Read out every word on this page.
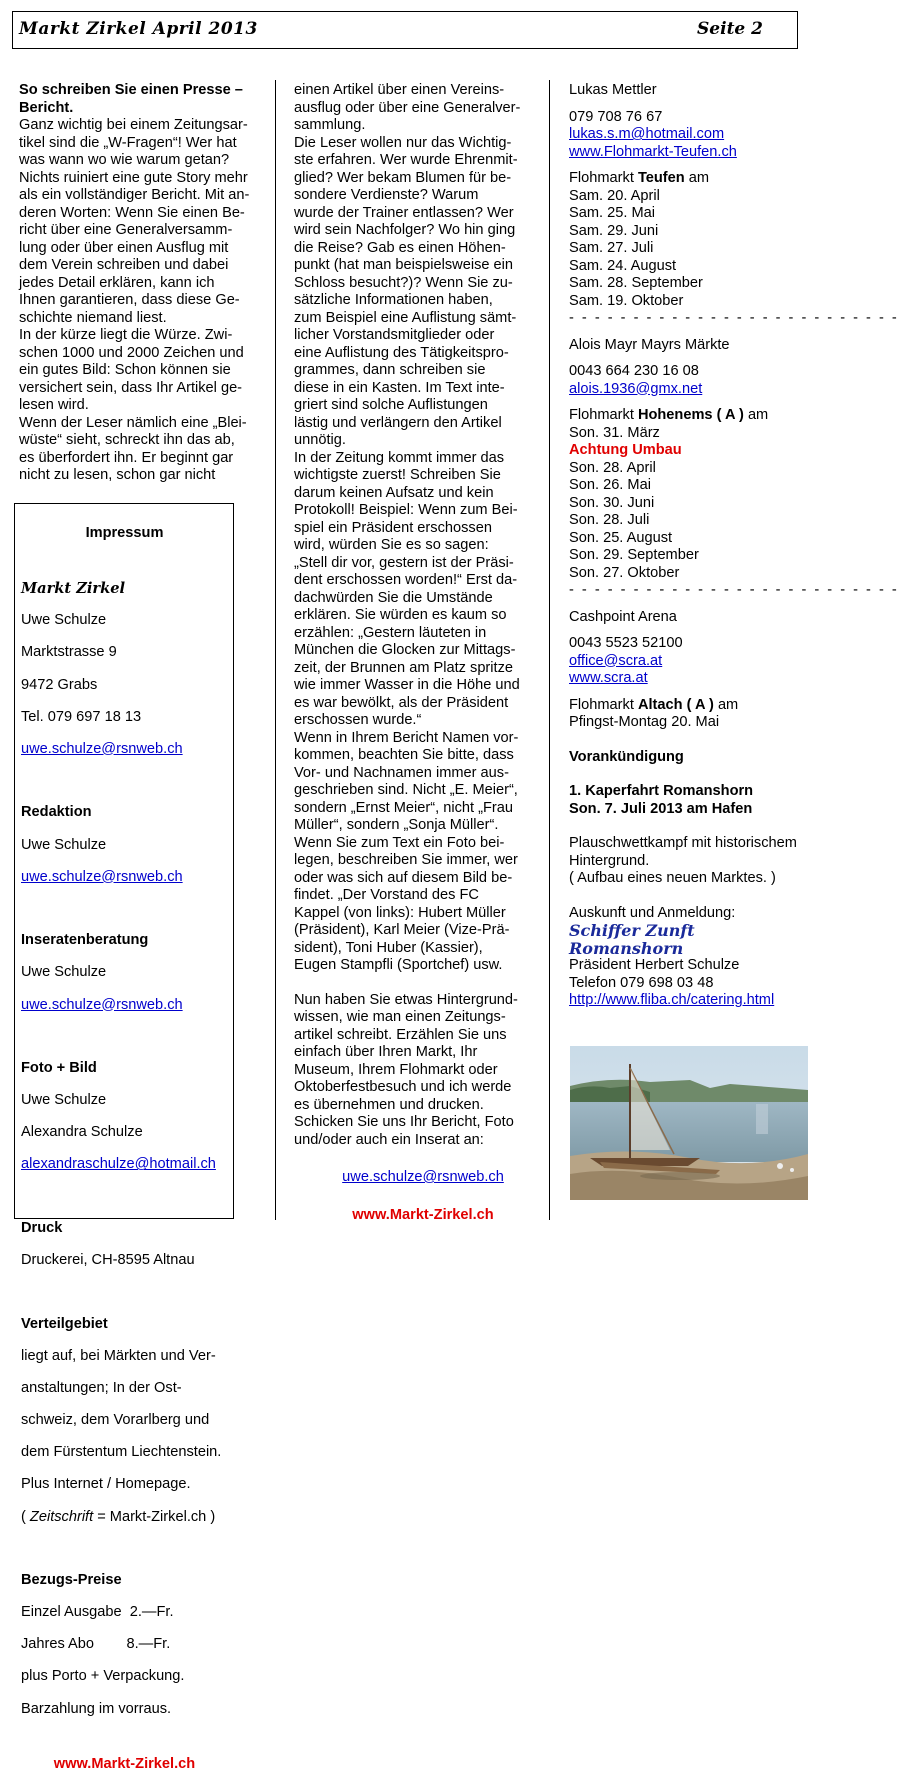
Markt Zirkel April 2013	Seite 2

So schreiben Sie einen Presse – Bericht.

Ganz wichtig bei einem Zeitungsar-

tikel sind die „W-Fragen“! Wer hat

was wann wo wie warum getan?

Nichts ruiniert eine gute Story mehr

als ein vollständiger Bericht. Mit an-

deren Worten: Wenn Sie einen Be-

richt über eine Generalversamm-

lung oder über einen Ausflug mit

dem Verein schreiben und dabei

jedes Detail erklären, kann ich

Ihnen garantieren, dass diese Ge-

schichte niemand liest.

In der kürze liegt die Würze. Zwi-

schen 1000 und 2000 Zeichen und

ein gutes Bild: Schon können sie

versichert sein, dass Ihr Artikel ge-

lesen wird.

Wenn der Leser nämlich eine „Blei-

wüste“ sieht, schreckt ihn das ab,

es überfordert ihn. Er beginnt gar

nicht zu lesen, schon gar nicht

Impressum

Markt Zirkel

Uwe Schulze

Marktstrasse 9

9472 Grabs

Tel. 079 697 18 13

uwe.schulze@rsnweb.ch

Redaktion

Uwe Schulze

uwe.schulze@rsnweb.ch

Inseratenberatung

Uwe Schulze

uwe.schulze@rsnweb.ch

Foto + Bild

Uwe Schulze

Alexandra Schulze

alexandraschulze@hotmail.ch

Druck

Druckerei, CH-8595 Altnau

Verteilgebiet

liegt auf, bei Märkten und Ver-

anstaltungen; In der Ost-

schweiz, dem Vorarlberg und

dem Fürstentum Liechtenstein.

Plus Internet / Homepage.

( Zeitschrift = Markt-Zirkel.ch )

Bezugs-Preise

Einzel Ausgabe  2.—Fr.

Jahres Abo        8.—Fr.

plus Porto + Verpackung.

Barzahlung im vorraus.

www.Markt-Zirkel.ch

einen Artikel über einen Vereins-

ausflug oder über eine Generalver-

sammlung.

Die Leser wollen nur das Wichtig-

ste erfahren. Wer wurde Ehrenmit-

glied? Wer bekam Blumen für be-

sondere Verdienste? Warum

wurde der Trainer entlassen? Wer

wird sein Nachfolger? Wo hin ging

die Reise? Gab es einen Höhen-

punkt (hat man beispielsweise ein

Schloss besucht?)? Wenn Sie zu-

sätzliche Informationen haben,

zum Beispiel eine Auflistung sämt-

licher Vorstandsmitglieder oder

eine Auflistung des Tätigkeitspro-

grammes, dann schreiben sie

diese in ein Kasten. Im Text inte-

griert sind solche Auflistungen

lästig und verlängern den Artikel

unnötig.

In der Zeitung kommt immer das

wichtigste zuerst! Schreiben Sie

darum keinen Aufsatz und kein

Protokoll! Beispiel: Wenn zum Bei-

spiel ein Präsident erschossen

wird, würden Sie es so sagen:

„Stell dir vor, gestern ist der Präsi-

dent erschossen worden!“ Erst da-

dachwürden Sie die Umstände

erklären. Sie würden es kaum so

erzählen: „Gestern läuteten in

München die Glocken zur Mittags-

zeit, der Brunnen am Platz spritze

wie immer Wasser in die Höhe und

es war bewölkt, als der Präsident

erschossen wurde.“

Wenn in Ihrem Bericht Namen vor-

kommen, beachten Sie bitte, dass

Vor- und Nachnamen immer aus-

geschrieben sind. Nicht „E. Meier“,

sondern „Ernst Meier“, nicht „Frau

Müller“, sondern „Sonja Müller“.

Wenn Sie zum Text ein Foto bei-

legen, beschreiben Sie immer, wer

oder was sich auf diesem Bild be-

findet. „Der Vorstand des FC

Kappel (von links): Hubert Müller

(Präsident), Karl Meier (Vize-Prä-

sident), Toni Huber (Kassier),

Eugen Stampfli (Sportchef) usw.

Nun haben Sie etwas Hintergrund-

wissen, wie man einen Zeitungs-

artikel schreibt. Erzählen Sie uns

einfach über Ihren Markt, Ihr

Museum, Ihrem Flohmarkt oder

Oktoberfestbesuch und ich werde

es übernehmen und drucken.

Schicken Sie uns Ihr Bericht, Foto

und/oder auch ein Inserat an:

uwe.schulze@rsnweb.ch

www.Markt-Zirkel.ch

Lukas Mettler

079 708 76 67

lukas.s.m@hotmail.com

www.Flohmarkt-Teufen.ch

Flohmarkt Teufen am

Sam. 20. April

Sam. 25. Mai

Sam. 29. Juni

Sam. 27. Juli

Sam. 24. August

Sam. 28. September

Sam. 19. Oktober

- - - - - - - - - - - - - - - - - - - - - - - - - -

Alois Mayr Mayrs Märkte

0043 664 230 16 08

alois.1936@gmx.net

Flohmarkt Hohenems ( A ) am

Son. 31. März

Achtung Umbau

Son. 28. April

Son. 26. Mai

Son. 30. Juni

Son. 28. Juli

Son. 25. August

Son. 29. September

Son. 27. Oktober

- - - - - - - - - - - - - - - - - - - - - - - - - -

Cashpoint Arena

0043 5523 52100

office@scra.at

www.scra.at

Flohmarkt Altach ( A ) am

Pfingst-Montag 20. Mai

Vorankündigung

1. Kaperfahrt Romanshorn

Son. 7. Juli 2013 am Hafen

Plauschwettkampf mit historischem

Hintergrund.

( Aufbau eines neuen Marktes. )

Auskunft und Anmeldung:

Schiffer Zunft Romanshorn

Präsident Herbert Schulze

Telefon 079 698 03 48

http://www.fliba.ch/catering.html
